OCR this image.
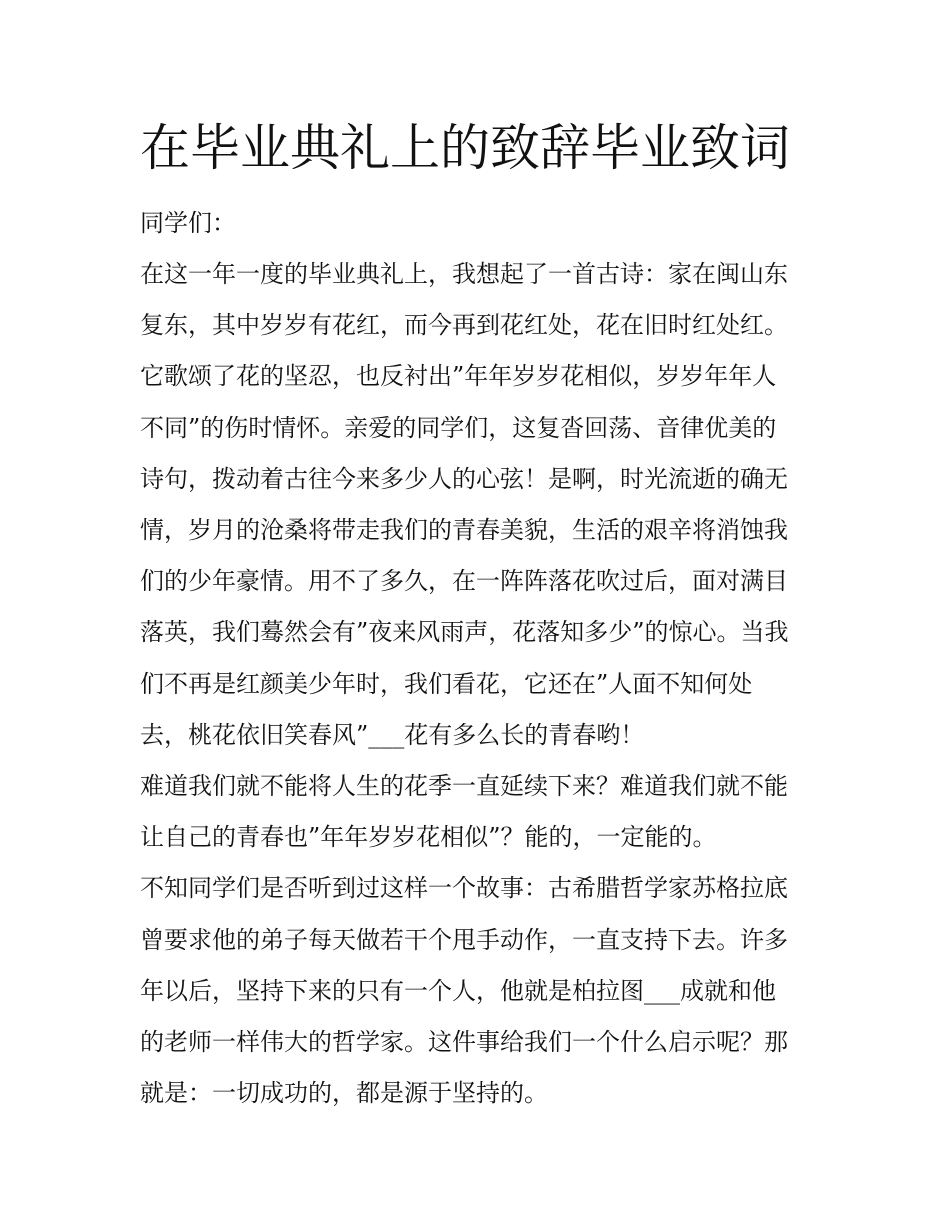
在毕业典礼上的致辞毕业致词

同学们：

在这一年一度的毕业典礼上，我想起了一首古诗：家在闽山东
复东，其中岁岁有花红，而今再到花红处，花在旧时红处红。
它歌颂了花的坚忍，也反衬出”年年岁岁花相似，岁岁年年人
不同”的伤时情怀。亲爱的同学们，这复沓回荡、音律优美的
诗句，拨动着古往今来多少人的心弦！是啊，时光流逝的确无
情，岁月的沧桑将带走我们的青春美貌，生活的艰辛将消蚀我
们的少年豪情。用不了多久，在一阵阵落花吹过后，面对满目
落英，我们蓦然会有”夜来风雨声，花落知多少”的惊心。当我
们不再是红颜美少年时，我们看花，它还在”人面不知何处
去，桃花依旧笑春风”___花有多么长的青春哟！

难道我们就不能将人生的花季一直延续下来？难道我们就不能
让自己的青春也”年年岁岁花相似”？能的，一定能的。

不知同学们是否听到过这样一个故事：古希腊哲学家苏格拉底
曾要求他的弟子每天做若干个甩手动作，一直支持下去。许多
年以后，坚持下来的只有一个人，他就是柏拉图___成就和他
的老师一样伟大的哲学家。这件事给我们一个什么启示呢？那
就是：一切成功的，都是源于坚持的。
